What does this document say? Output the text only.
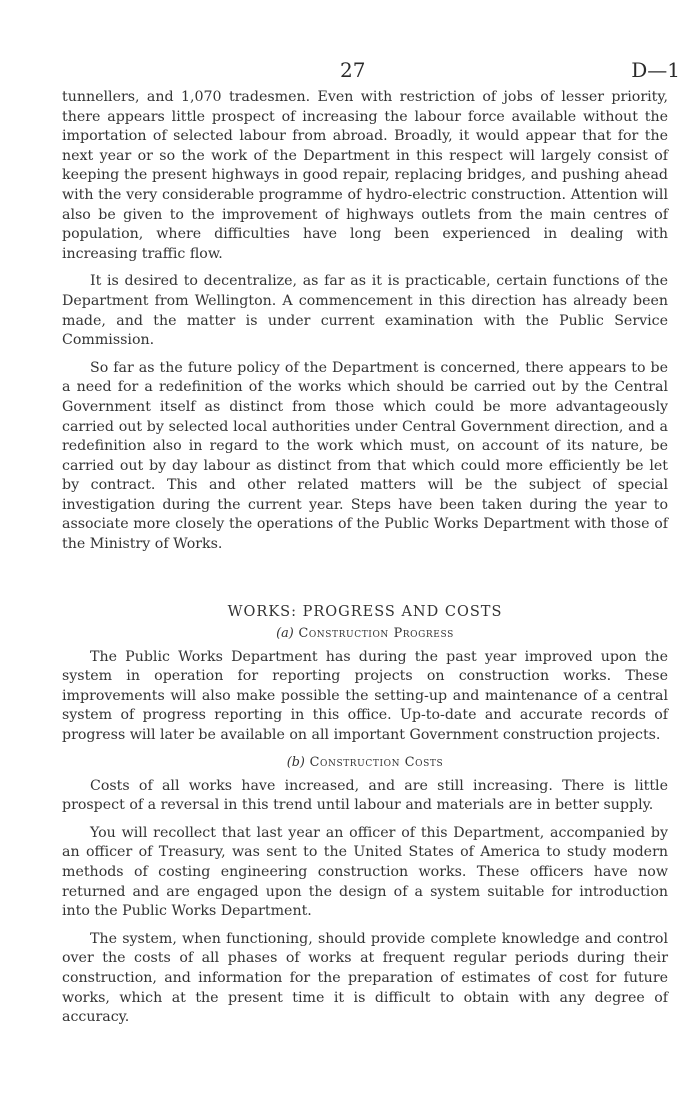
27	D—1

tunnellers, and 1,070 tradesmen. Even with restriction of jobs of lesser priority, there appears little prospect of increasing the labour force available without the importation of selected labour from abroad. Broadly, it would appear that for the next year or so the work of the Department in this respect will largely consist of keeping the present highways in good repair, replacing bridges, and pushing ahead with the very considerable programme of hydro-electric construction. Attention will also be given to the improvement of highways outlets from the main centres of population, where difficulties have long been experienced in dealing with increasing traffic flow.

It is desired to decentralize, as far as it is practicable, certain functions of the Department from Wellington. A commencement in this direction has already been made, and the matter is under current examination with the Public Service Commission.

So far as the future policy of the Department is concerned, there appears to be a need for a redefinition of the works which should be carried out by the Central Government itself as distinct from those which could be more advantageously carried out by selected local authorities under Central Government direction, and a redefinition also in regard to the work which must, on account of its nature, be carried out by day labour as distinct from that which could more efficiently be let by contract. This and other related matters will be the subject of special investigation during the current year. Steps have been taken during the year to associate more closely the operations of the Public Works Department with those of the Ministry of Works.

WORKS: PROGRESS AND COSTS
(a) Construction Progress

The Public Works Department has during the past year improved upon the system in operation for reporting projects on construction works. These improvements will also make possible the setting-up and maintenance of a central system of progress reporting in this office. Up-to-date and accurate records of progress will later be available on all important Government construction projects.

(b) Construction Costs

Costs of all works have increased, and are still increasing. There is little prospect of a reversal in this trend until labour and materials are in better supply.

You will recollect that last year an officer of this Department, accompanied by an officer of Treasury, was sent to the United States of America to study modern methods of costing engineering construction works. These officers have now returned and are engaged upon the design of a system suitable for introduction into the Public Works Department.

The system, when functioning, should provide complete knowledge and control over the costs of all phases of works at frequent regular periods during their construction, and information for the preparation of estimates of cost for future works, which at the present time it is difficult to obtain with any degree of accuracy.
